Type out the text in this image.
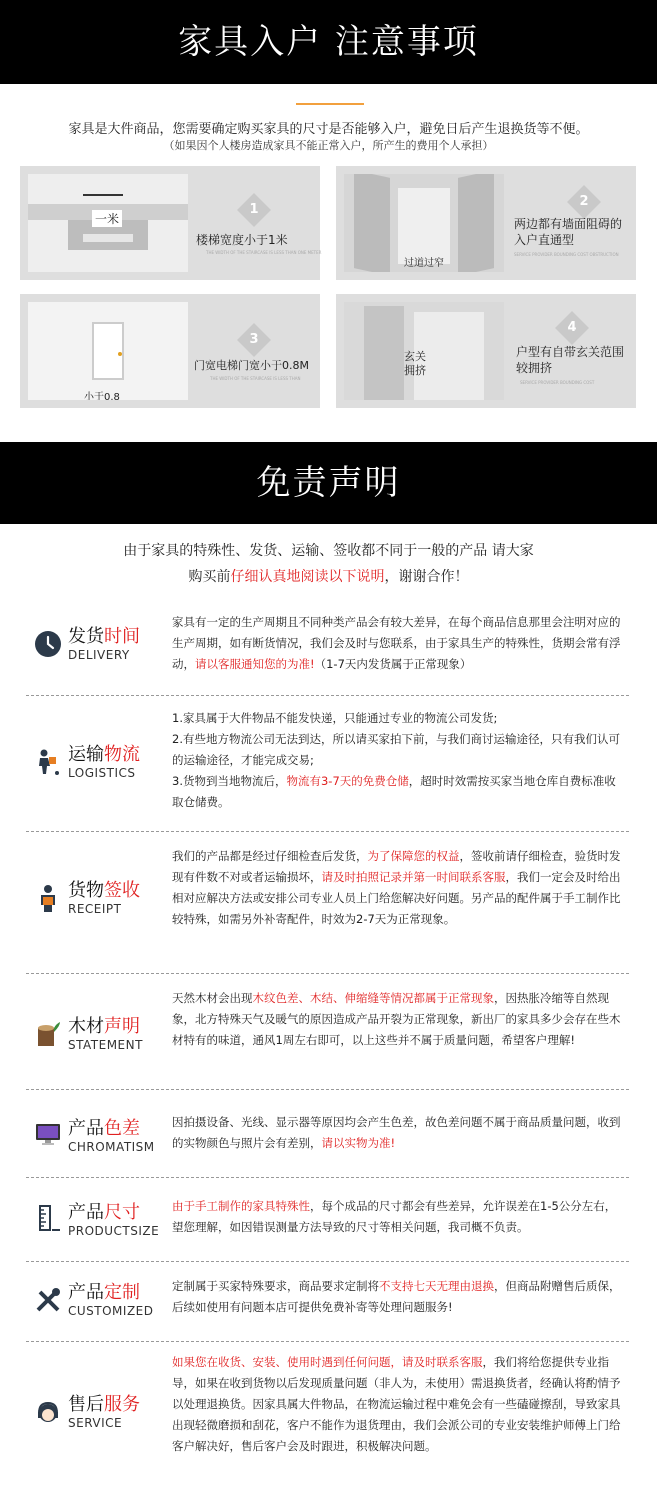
家具入户 注意事项
家具是大件商品，您需要确定购买家具的尺寸是否能够入户，避免日后产生退换货等不便。
（如果因个人楼房造成家具不能正常入户，所产生的费用个人承担）
一米
1
楼梯宽度小于1米
THE WIDTH OF THE STAIRCASE IS LESS THAN ONE METER
过道过窄
2
两边都有墙面阻碍的入户直通型
SERVICE PROVIDER BOUNDING COST OBSTRUCTION
小于0.8
3
门宽电梯门宽小于0.8M
THE WIDTH OF THE STAIRCASE IS LESS THAN
玄关拥挤
4
户型有自带玄关范围较拥挤
SERVICE PROVIDER BOUNDING COST
免责声明
由于家具的特殊性、发货、运输、签收都不同于一般的产品 请大家
购买前仔细认真地阅读以下说明，谢谢合作！
发货时间
DELIVERY
家具有一定的生产周期且不同种类产品会有较大差异，在每个商品信息那里会注明对应的生产周期，如有断货情况，我们会及时与您联系，由于家具生产的特殊性，货期会常有浮动，请以客服通知您的为准!（1-7天内发货属于正常现象）
运输物流
LOGISTICS
1.家具属于大件物品不能发快递，只能通过专业的物流公司发货;
2.有些地方物流公司无法到达，所以请买家拍下前，与我们商讨运输途径，只有我们认可的运输途径，才能完成交易;
3.货物到当地物流后，物流有3-7天的免费仓储，超时时效需按买家当地仓库自费标准收取仓储费。
货物签收
RECEIPT
我们的产品都是经过仔细检查后发货，为了保障您的权益，签收前请仔细检查，验货时发现有件数不对或者运输损坏，请及时拍照记录并第一时间联系客服，我们一定会及时给出相对应解决方法或安排公司专业人员上门给您解决好问题。另产品的配件属于手工制作比较特殊，如需另外补寄配件，时效为2-7天为正常现象。
木材声明
STATEMENT
天然木材会出现木纹色差、木结、伸缩缝等情况都属于正常现象，因热胀冷缩等自然现象，北方特殊天气及暖气的原因造成产品开裂为正常现象，新出厂的家具多少会存在些木材特有的味道，通风1周左右即可，以上这些并不属于质量问题，希望客户理解!
产品色差
CHROMATISM
因拍摄设备、光线、显示器等原因均会产生色差，故色差问题不属于商品质量问题，收到的实物颜色与照片会有差别，请以实物为准!
产品尺寸
PRODUCTSIZE
由于手工制作的家具特殊性，每个成品的尺寸都会有些差异，允许误差在1-5公分左右，望您理解，如因错误测量方法导致的尺寸等相关问题，我司概不负责。
产品定制
CUSTOMIZED
定制属于买家特殊要求，商品要求定制将不支持七天无理由退换，但商品附赠售后质保，后续如使用有问题本店可提供免费补寄等处理问题服务!
售后服务
SERVICE
如果您在收货、安装、使用时遇到任何问题，请及时联系客服，我们将给您提供专业指导，如果在收到货物以后发现质量问题（非人为，未使用）需退换货者，经确认将酌情予以处理退换货。因家具属大件物品，在物流运输过程中难免会有一些磕碰擦刮，导致家具出现轻微磨损和刮花，客户不能作为退货理由，我们会派公司的专业安装维护师傅上门给客户解决好，售后客户会及时跟进，积极解决问题。
